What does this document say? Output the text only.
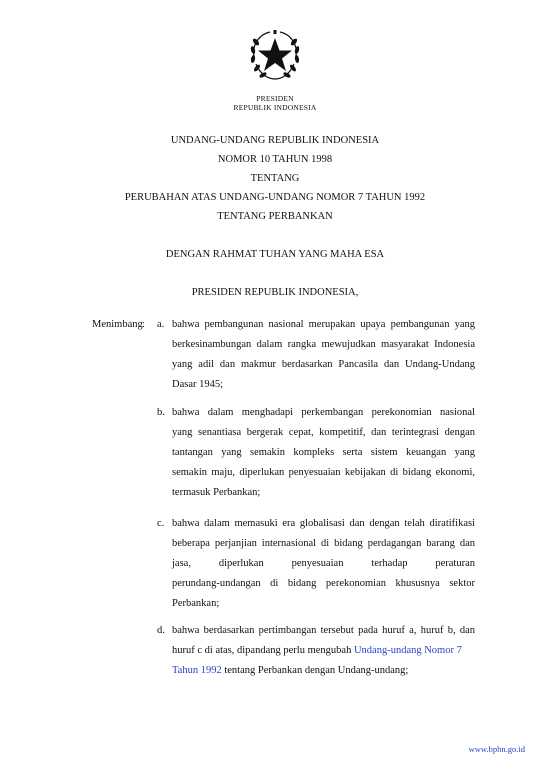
PRESIDEN
REPUBLIK INDONESIA
UNDANG-UNDANG REPUBLIK INDONESIA
NOMOR 10 TAHUN 1998
TENTANG
PERUBAHAN ATAS UNDANG-UNDANG NOMOR 7 TAHUN 1992
TENTANG PERBANKAN
DENGAN RAHMAT TUHAN YANG MAHA ESA
PRESIDEN REPUBLIK INDONESIA,
Menimbang : a. bahwa pembangunan nasional merupakan upaya pembangunan yang
berkesinambungan dalam rangka mewujudkan masyarakat Indonesia
yang adil dan makmur berdasarkan Pancasila dan Undang-Undang
Dasar 1945;
b. bahwa dalam menghadapi perkembangan perekonomian nasional
yang senantiasa bergerak cepat, kompetitif, dan terintegrasi dengan
tantangan yang semakin kompleks serta sistem keuangan yang
semakin maju, diperlukan penyesuaian kebijakan di bidang ekonomi,
termasuk Perbankan;
c. bahwa dalam memasuki era globalisasi dan dengan telah diratifikasi
beberapa perjanjian internasional di bidang perdagangan barang dan
jasa, diperlukan penyesuaian terhadap peraturan
perundang-undangan di bidang perekonomian khususnya sektor
Perbankan;
d. bahwa berdasarkan pertimbangan tersebut pada huruf a, huruf b, dan
huruf c di atas, dipandang perlu mengubah Undang-undang Nomor 7
Tahun 1992 tentang Perbankan dengan Undang-undang;
www.bphn.go.id
